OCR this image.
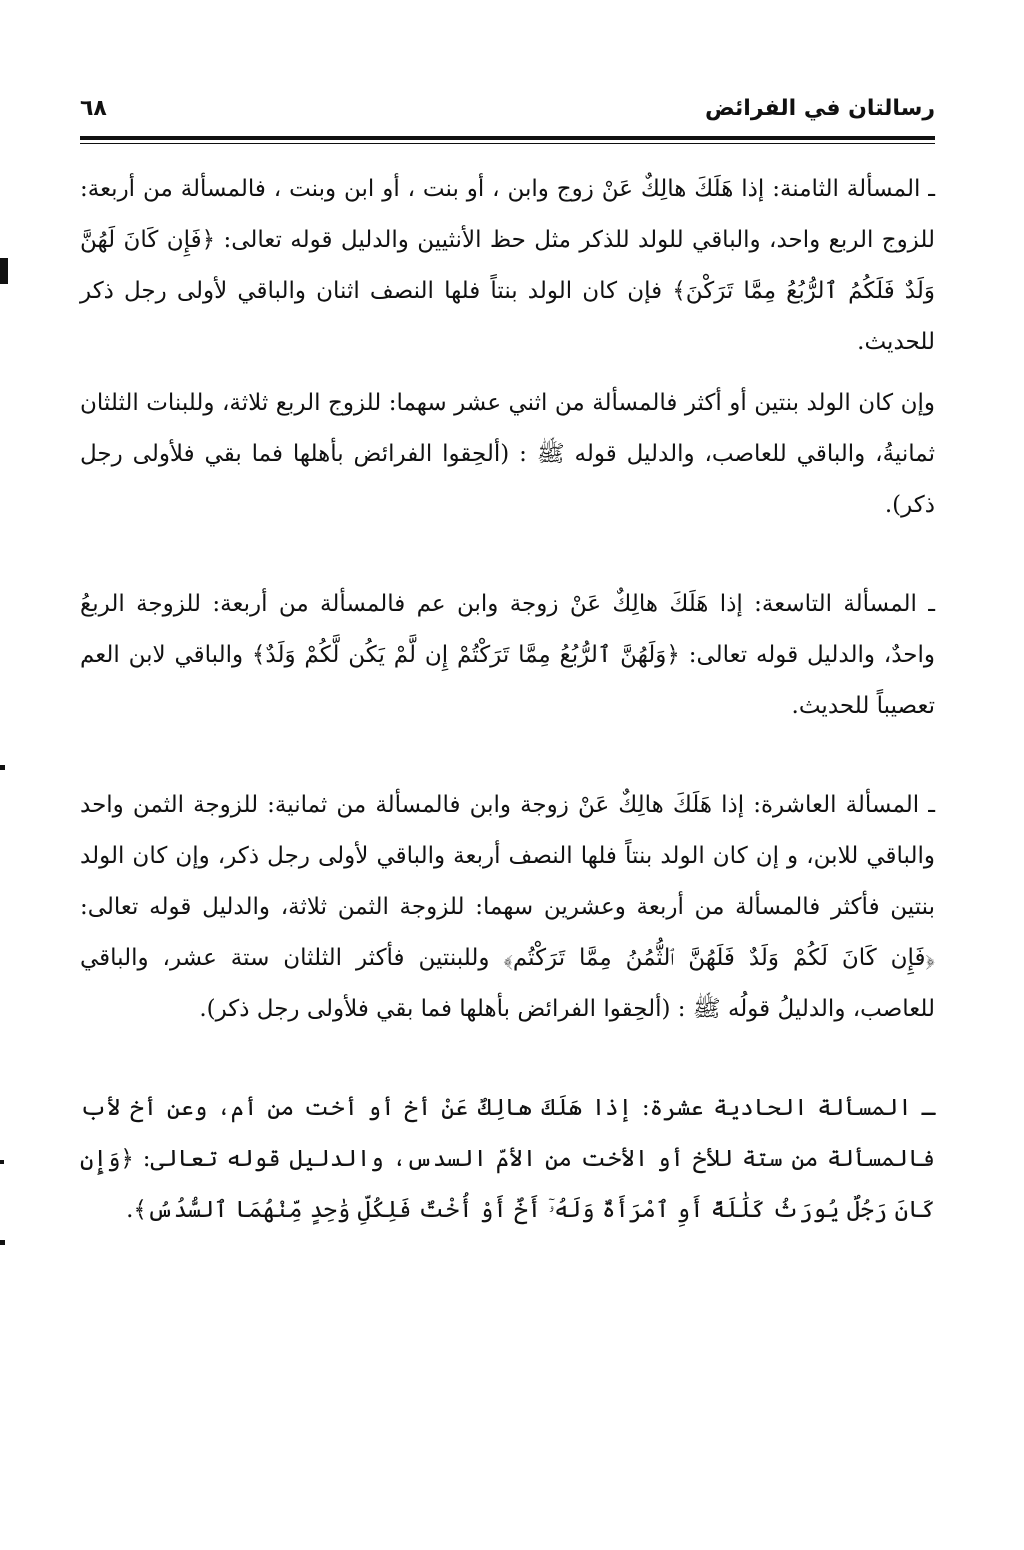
رسالتان في الفرائض
٦٨

ـ المسألة الثامنة: إذا هَلَكَ هالِكٌ عَنْ زوج وابن ، أو بنت ، أو ابن وبنت ، فالمسألة من أربعة: للزوج الربع واحد، والباقي للولد للذكر مثل حظ الأنثيين والدليل قوله تعالى: ﴿فَإِن كَانَ لَهُنَّ وَلَدٌ فَلَكُمُ ٱلرُّبُعُ مِمَّا تَرَكْنَ﴾ فإن كان الولد بنتاً فلها النصف اثنان والباقي لأولى رجل ذكر للحديث.

وإن كان الولد بنتين أو أكثر فالمسألة من اثني عشر سهما: للزوج الربع ثلاثة، وللبنات الثلثان ثمانيةُ، والباقي للعاصب، والدليل قوله ﷺ : (ألحِقوا الفرائض بأهلها فما بقي فلأولى رجل ذكر).

ـ المسألة التاسعة: إذا هَلَكَ هالِكٌ عَنْ زوجة وابن عم فالمسألة من أربعة: للزوجة الربعُ واحدٌ، والدليل قوله تعالى: ﴿وَلَهُنَّ ٱلرُّبُعُ مِمَّا تَرَكْتُمْ إِن لَّمْ يَكُن لَّكُمْ وَلَدٌ﴾ والباقي لابن العم تعصيباً للحديث.

ـ المسألة العاشرة: إذا هَلَكَ هالِكٌ عَنْ زوجة وابن فالمسألة من ثمانية: للزوجة الثمن واحد والباقي للابن، و إن كان الولد بنتاً فلها النصف أربعة والباقي لأولى رجل ذكر، وإن كان الولد بنتين فأكثر فالمسألة من أربعة وعشرين سهما: للزوجة الثمن ثلاثة، والدليل قوله تعالى: ﴿فَإِن كَانَ لَكُمْ وَلَدٌ فَلَهُنَّ ٱلثُّمُنُ مِمَّا تَرَكْتُم﴾ وللبنتين فأكثر الثلثان ستة عشر، والباقي للعاصب، والدليلُ قولُه ﷺ : (ألحِقوا الفرائض بأهلها فما بقي فلأولى رجل ذكر).

ـ المسألة الحادية عشرة: إذا هَلَكَ هالِكٌ عَنْ أخ أو أخت من أم، وعن أخ لأب فالمسألة من ستة للأخ أو الأخت من الأمّ السدس، والدليل قوله تعالى: ﴿وَإِن كَانَ رَجُلٌ يُورَثُ كَلَٰلَةً أَوِ ٱمْرَأَةٌ وَلَهُۥٓ أَخٌ أَوْ أُخْتٌ فَلِكُلِّ وَٰحِدٍ مِّنْهُمَا ٱلسُّدُسُ﴾.
